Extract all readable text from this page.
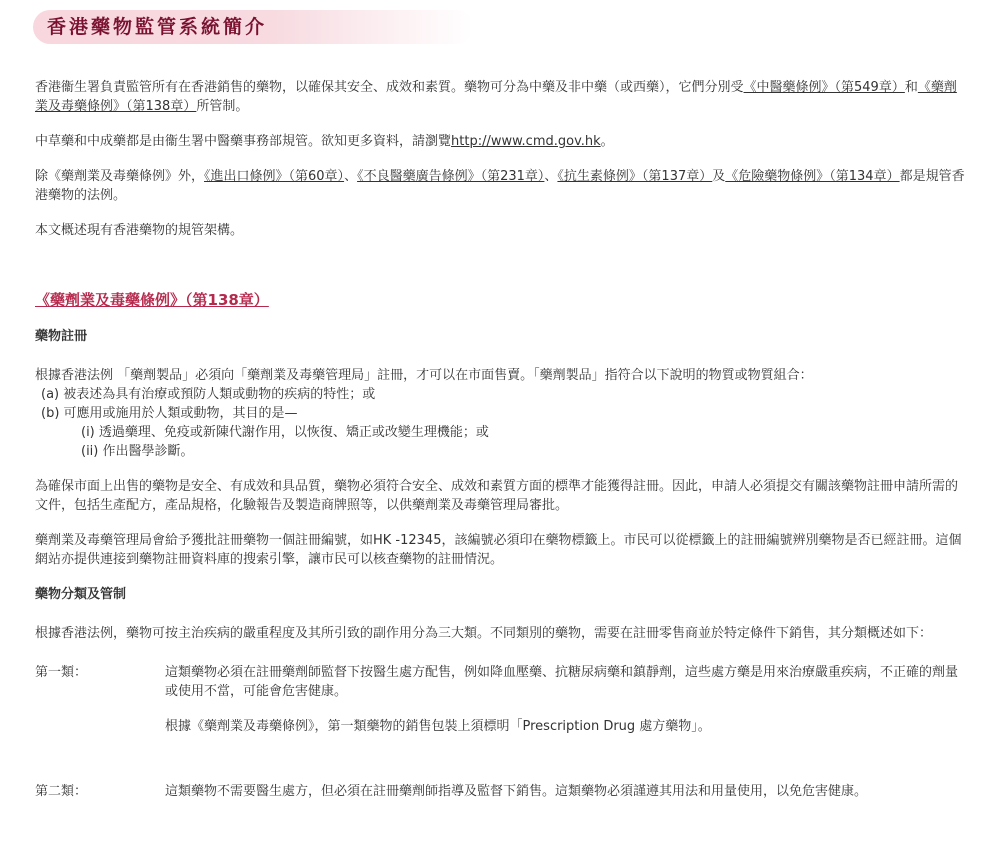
香港藥物監管系統簡介

香港衞生署負責監管所有在香港銷售的藥物，以確保其安全、成效和素質。藥物可分為中藥及非中藥（或西藥），它們分別受《中醫藥條例》（第549章）和《藥劑業及毒藥條例》（第138章）所管制。

中草藥和中成藥都是由衞生署中醫藥事務部規管。欲知更多資料，請瀏覽http://www.cmd.gov.hk。

除《藥劑業及毒藥條例》外，《進出口條例》（第60章）、《不良醫藥廣告條例》（第231章）、《抗生素條例》（第137章）及《危險藥物條例》（第134章）都是規管香港藥物的法例。

本文概述現有香港藥物的規管架構。

《藥劑業及毒藥條例》（第138章）

藥物註冊

根據香港法例 「藥劑製品」必須向「藥劑業及毒藥管理局」註冊，才可以在市面售賣。「藥劑製品」指符合以下說明的物質或物質組合：

(a) 被表述為具有治療或預防人類或動物的疾病的特性；或

(b) 可應用或施用於人類或動物，其目的是—

(i) 透過藥理、免疫或新陳代謝作用，以恢復、矯正或改變生理機能；或

(ii) 作出醫學診斷。

為確保市面上出售的藥物是安全、有成效和具品質，藥物必須符合安全、成效和素質方面的標準才能獲得註冊。因此，申請人必須提交有關該藥物註冊申請所需的文件，包括生產配方，產品規格，化驗報告及製造商牌照等，以供藥劑業及毒藥管理局審批。

藥劑業及毒藥管理局會給予獲批註冊藥物一個註冊編號，如HK -12345，該編號必須印在藥物標籤上。市民可以從標籤上的註冊編號辨別藥物是否已經註冊。這個網站亦提供連接到藥物註冊資料庫的搜索引擎，讓市民可以核查藥物的註冊情況。

藥物分類及管制

根據香港法例，藥物可按主治疾病的嚴重程度及其所引致的副作用分為三大類。不同類別的藥物，需要在註冊零售商並於特定條件下銷售，其分類概述如下：

第一類：	這類藥物必須在註冊藥劑師監督下按醫生處方配售，例如降血壓藥、抗糖尿病藥和鎮靜劑，這些處方藥是用來治療嚴重疾病，不正確的劑量或使用不當，可能會危害健康。

根據《藥劑業及毒藥條例》，第一類藥物的銷售包裝上須標明「Prescription Drug 處方藥物」。

第二類：	這類藥物不需要醫生處方，但必須在註冊藥劑師指導及監督下銷售。這類藥物必須謹遵其用法和用量使用，以免危害健康。
